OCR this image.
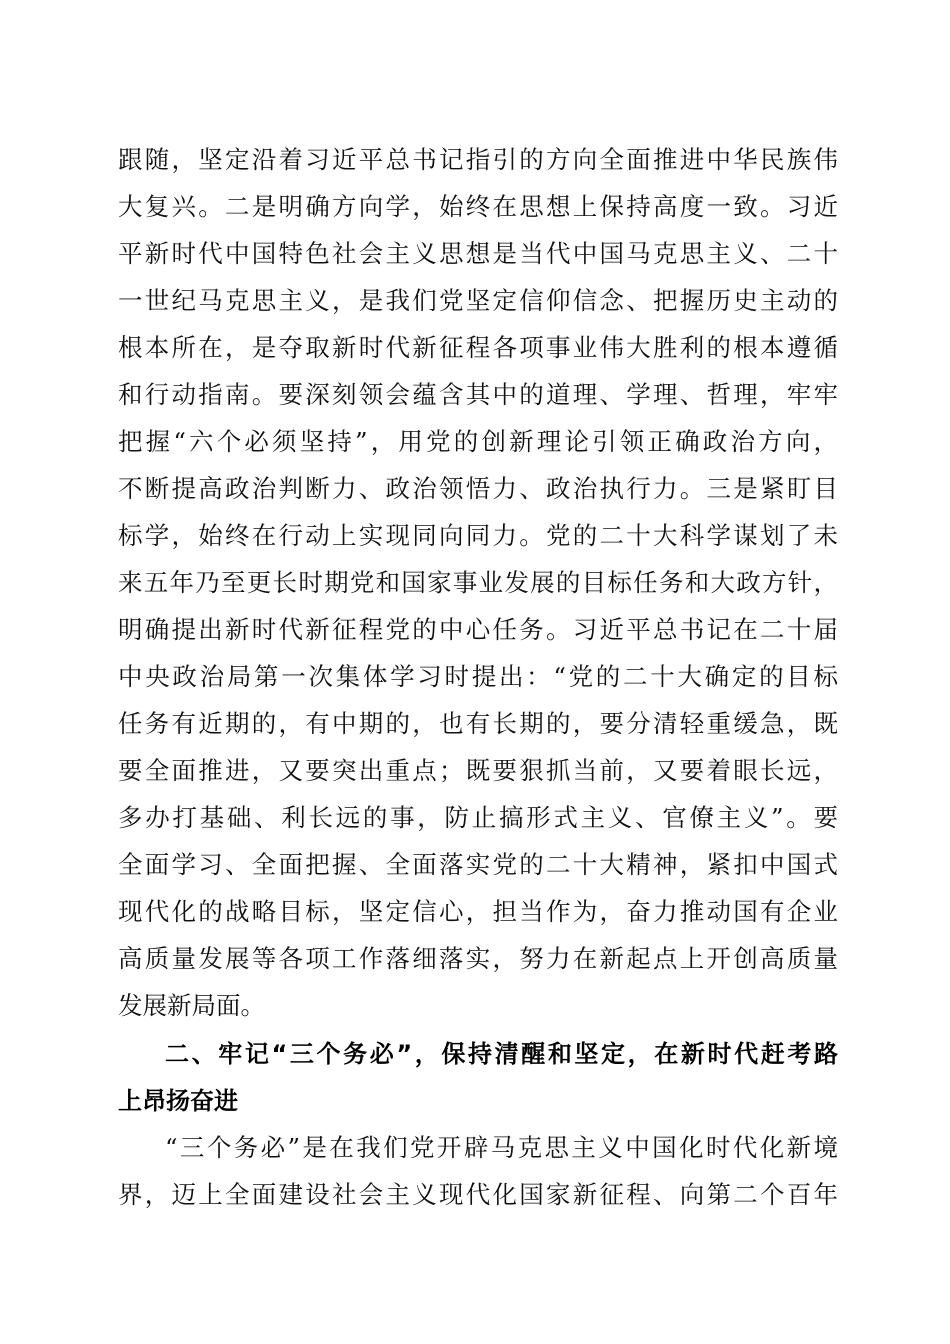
跟随，坚定沿着习近平总书记指引的方向全面推进中华民族伟
大复兴。二是明确方向学，始终在思想上保持高度一致。习近
平新时代中国特色社会主义思想是当代中国马克思主义、二十
一世纪马克思主义，是我们党坚定信仰信念、把握历史主动的
根本所在，是夺取新时代新征程各项事业伟大胜利的根本遵循
和行动指南。要深刻领会蕴含其中的道理、学理、哲理，牢牢
把握“六个必须坚持”，用党的创新理论引领正确政治方向，
不断提高政治判断力、政治领悟力、政治执行力。三是紧盯目
标学，始终在行动上实现同向同力。党的二十大科学谋划了未
来五年乃至更长时期党和国家事业发展的目标任务和大政方针，
明确提出新时代新征程党的中心任务。习近平总书记在二十届
中央政治局第一次集体学习时提出：“党的二十大确定的目标
任务有近期的，有中期的，也有长期的，要分清轻重缓急，既
要全面推进，又要突出重点；既要狠抓当前，又要着眼长远，
多办打基础、利长远的事，防止搞形式主义、官僚主义”。要
全面学习、全面把握、全面落实党的二十大精神，紧扣中国式
现代化的战略目标，坚定信心，担当作为，奋力推动国有企业
高质量发展等各项工作落细落实，努力在新起点上开创高质量
发展新局面。
二、牢记“三个务必”，保持清醒和坚定，在新时代赶考路
上昂扬奋进
“三个务必”是在我们党开辟马克思主义中国化时代化新境
界，迈上全面建设社会主义现代化国家新征程、向第二个百年
